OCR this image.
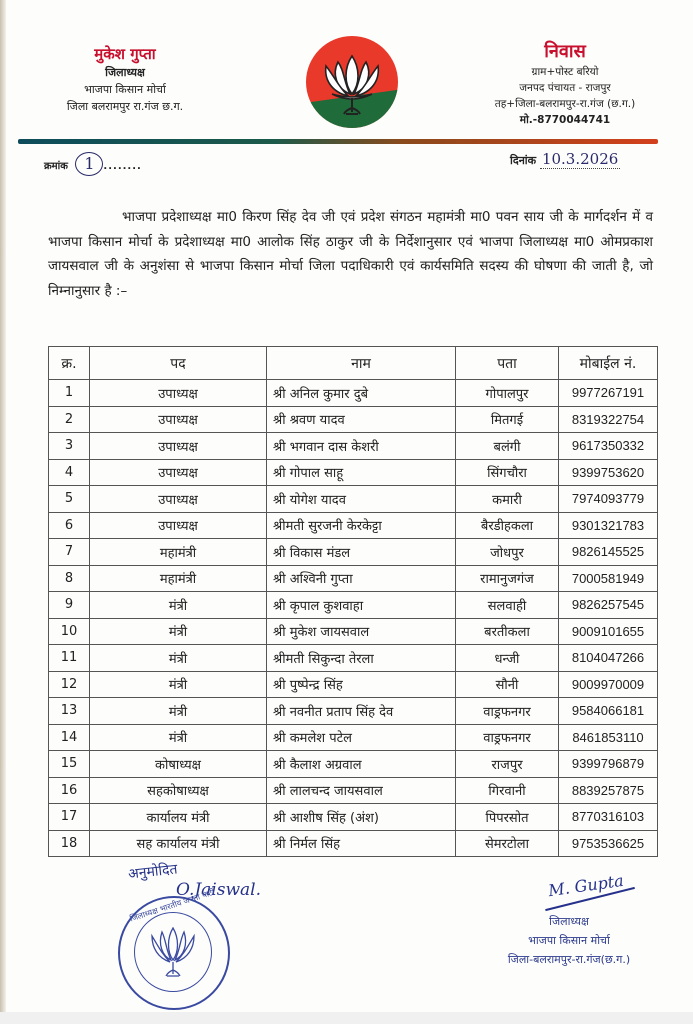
मुकेश गुप्ता
जिलाध्यक्ष
भाजपा किसान मोर्चा
जिला बलरामपुर रा.गंज छ.ग.
निवास
ग्राम+पोस्ट बरियो
जनपद पंचायत - राजपुर
तह+जिला-बलरामपुर-रा.गंज (छ.ग.)
मो.-8770044741
क्रमांक 1 ........	दिनांक 10.3.2026
भाजपा प्रदेशाध्यक्ष मा0 किरण सिंह देव जी एवं प्रदेश संगठन महामंत्री मा0 पवन साय जी के मार्गदर्शन में व भाजपा किसान मोर्चा के प्रदेशाध्यक्ष मा0 आलोक सिंह ठाकुर जी के निर्देशानुसार एवं भाजपा जिलाध्यक्ष मा0 ओमप्रकाश जायसवाल जी के अनुशंसा से भाजपा किसान मोर्चा जिला पदाधिकारी एवं कार्यसमिति सदस्य की घोषणा की जाती है, जो निम्नानुसार है :–
क्र.	पद	नाम	पता	मोबाईल नं.
1	उपाध्यक्ष	श्री अनिल कुमार दुबे	गोपालपुर	9977267191
2	उपाध्यक्ष	श्री श्रवण यादव	मितगई	8319322754
3	उपाध्यक्ष	श्री भगवान दास केशरी	बलंगी	9617350332
4	उपाध्यक्ष	श्री गोपाल साहू	सिंगचौरा	9399753620
5	उपाध्यक्ष	श्री योगेश यादव	कमारी	7974093779
6	उपाध्यक्ष	श्रीमती सुरजनी केरकेट्टा	बैरडीहकला	9301321783
7	महामंत्री	श्री विकास मंडल	जोधपुर	9826145525
8	महामंत्री	श्री अश्विनी गुप्ता	रामानुजगंज	7000581949
9	मंत्री	श्री कृपाल कुशवाहा	सलवाही	9826257545
10	मंत्री	श्री मुकेश जायसवाल	बरतीकला	9009101655
11	मंत्री	श्रीमती सिकुन्दा तेरला	धन्जी	8104047266
12	मंत्री	श्री पुष्पेन्द्र सिंह	सौनी	9009970009
13	मंत्री	श्री नवनीत प्रताप सिंह देव	वाड्रफनगर	9584066181
14	मंत्री	श्री कमलेश पटेल	वाड्रफनगर	8461853110
15	कोषाध्यक्ष	श्री कैलाश अग्रवाल	राजपुर	9399796879
16	सहकोषाध्यक्ष	श्री लालचन्द जायसवाल	गिरवानी	8839257875
17	कार्यालय मंत्री	श्री आशीष सिंह (अंश)	पिपरसोत	8770316103
18	सह कार्यालय मंत्री	श्री निर्मल सिंह	सेमरटोला	9753536625
अनुमोदित
O.Jaiswal.
जिलाध्यक्ष भारतीय जनता पार्टी
M. Gupta
जिलाध्यक्ष
भाजपा किसान मोर्चा
जिला-बलरामपुर-रा.गंज(छ.ग.)
